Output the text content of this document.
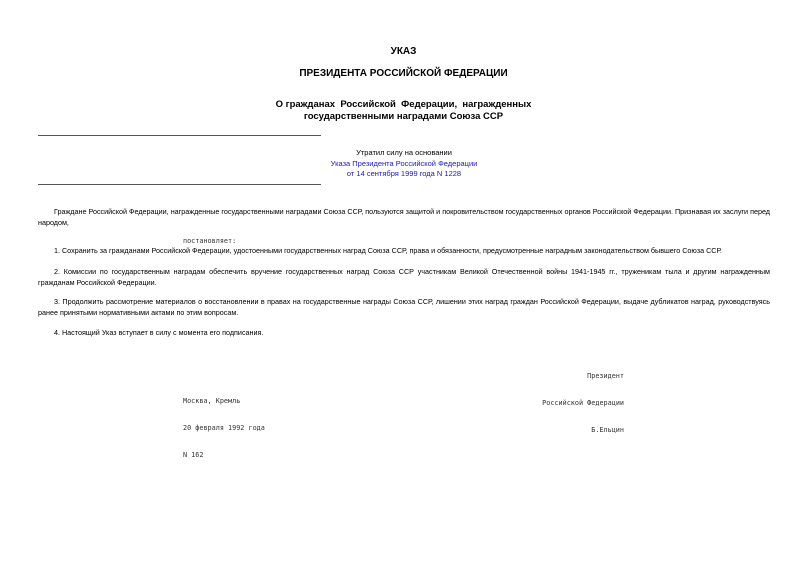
УКАЗ
ПРЕЗИДЕНТА РОССИЙСКОЙ ФЕДЕРАЦИИ
О гражданах  Российской  Федерации,  награжденных
государственными наградами Союза ССР
Утратил силу на основании
Указа Президента Российской Федерации
от 14 сентября 1999 года N 1228
Граждане Российской Федерации, награжденные государственными наградами Союза ССР, пользуются защитой и покровительством государственных органов Российской Федерации. Признавая их заслуги перед народом,
постановляет:
1. Сохранить за гражданами Российской Федерации, удостоенными государственных наград Союза ССР, права и обязанности, предусмотренные наградным законодательством бывшего Союза ССР.
2. Комиссии по государственным наградам обеспечить вручение государственных наград Союза ССР участникам Великой Отечественной войны 1941-1945 гг., труженикам тыла и другим награжденным гражданам Российской Федерации.
3. Продолжить рассмотрение материалов о восстановлении в правах на государственные награды Союза ССР, лишении этих наград граждан Российской Федерации, выдаче дубликатов наград, руководствуясь ранее принятыми нормативными актами по этим вопросам.
4. Настоящий Указ вступает в силу с момента его подписания.

Президент

Российской Федерации

Б.Ельцин

Москва, Кремль

20 февраля 1992 года

N 162
